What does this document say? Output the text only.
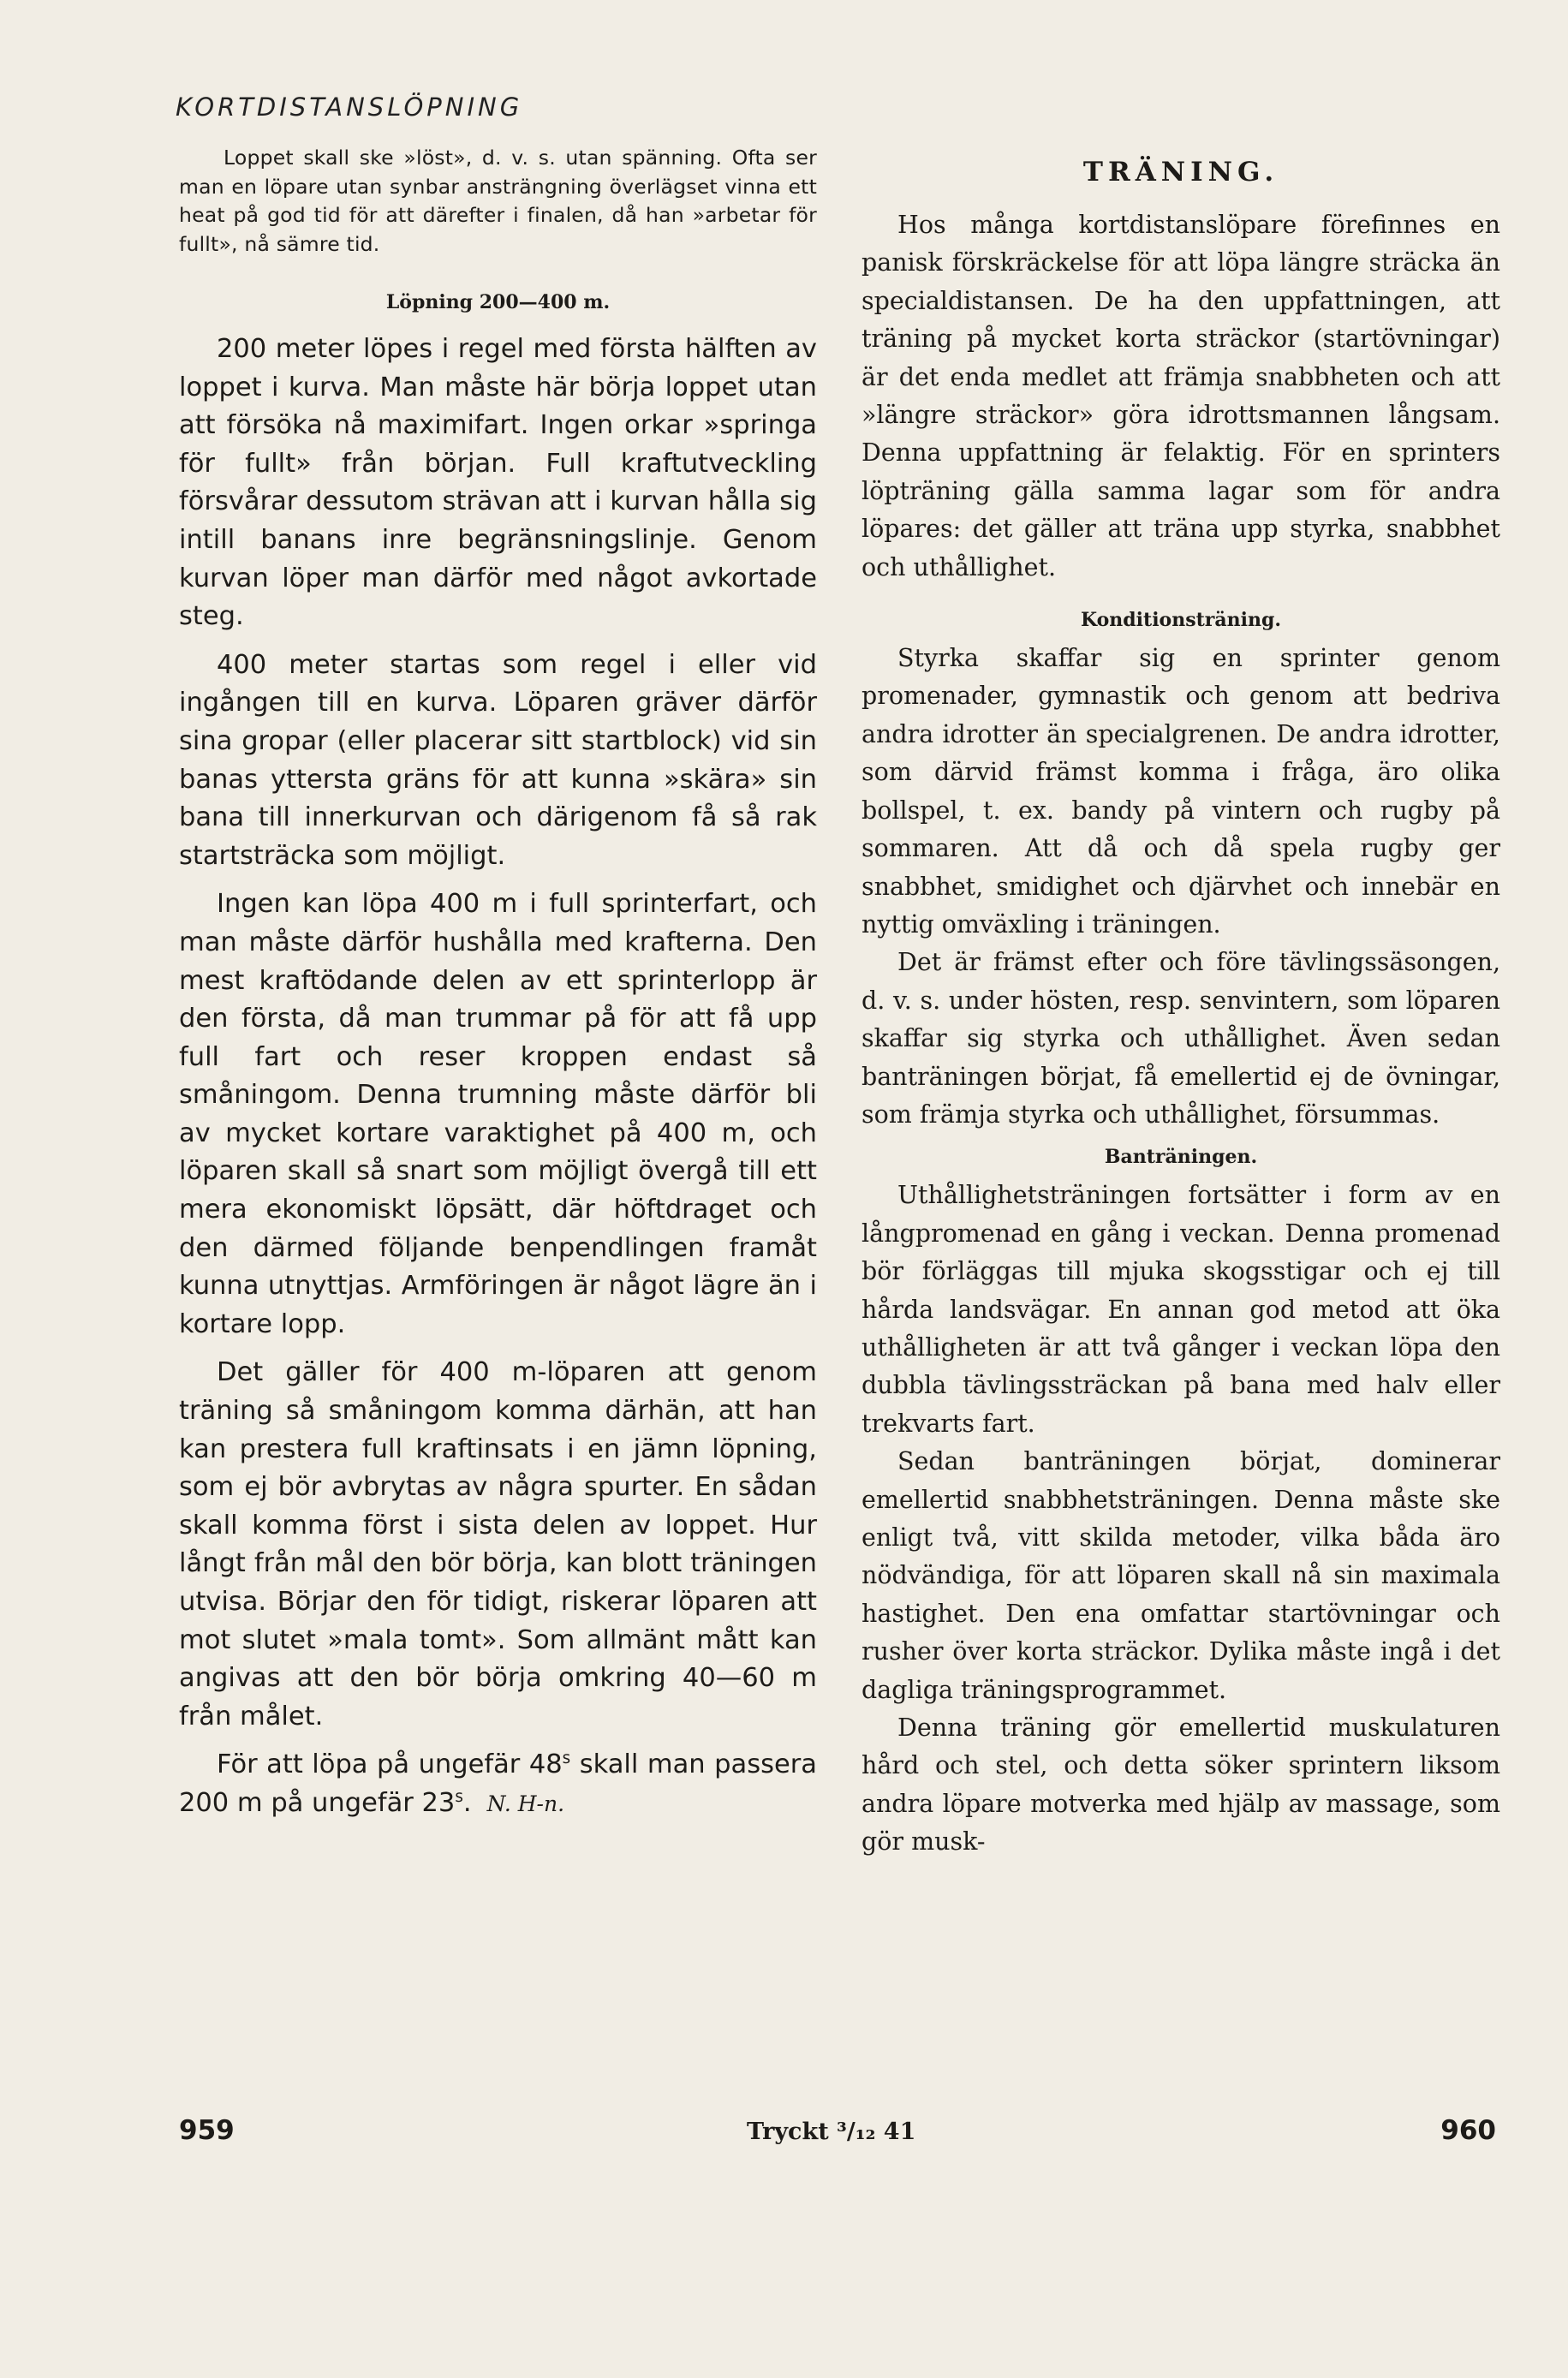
KORTDISTANSLÖPNING

Loppet skall ske »löst», d. v. s. utan spänning. Ofta ser man en löpare utan synbar ansträngning överlägset vinna ett heat på god tid för att därefter i finalen, då han »arbetar för fullt», nå sämre tid.

Löpning 200—400 m.

200 meter löpes i regel med första hälften av loppet i kurva. Man måste här börja loppet utan att försöka nå maximifart. Ingen orkar »springa för fullt» från början. Full kraftutveckling försvårar dessutom strävan att i kurvan hålla sig intill banans inre begränsningslinje. Genom kurvan löper man därför med något avkortade steg.

400 meter startas som regel i eller vid ingången till en kurva. Löparen gräver därför sina gropar (eller placerar sitt startblock) vid sin banas yttersta gräns för att kunna »skära» sin bana till innerkurvan och därigenom få så rak startsträcka som möjligt.

Ingen kan löpa 400 m i full sprinterfart, och man måste därför hushålla med krafterna. Den mest kraftödande delen av ett sprinterlopp är den första, då man trummar på för att få upp full fart och reser kroppen endast så småningom. Denna trumning måste därför bli av mycket kortare varaktighet på 400 m, och löparen skall så snart som möjligt övergå till ett mera ekonomiskt löpsätt, där höftdraget och den därmed följande benpendlingen framåt kunna utnyttjas. Armföringen är något lägre än i kortare lopp.

Det gäller för 400 m-löparen att genom träning så småningom komma därhän, att han kan prestera full kraftinsats i en jämn löpning, som ej bör avbrytas av några spurter. En sådan skall komma först i sista delen av loppet. Hur långt från mål den bör börja, kan blott träningen utvisa. Börjar den för tidigt, riskerar löparen att mot slutet »mala tomt». Som allmänt mått kan angivas att den bör börja omkring 40—60 m från målet.

För att löpa på ungefär 48$^s$ skall man passera 200 m på ungefär 23$^s$. N. H-n.

TRÄNING.

Hos många kortdistanslöpare förefinnes en panisk förskräckelse för att löpa längre sträcka än specialdistansen. De ha den uppfattningen, att träning på mycket korta sträckor (startövningar) är det enda medlet att främja snabbheten och att »längre sträckor» göra idrottsmannen långsam. Denna uppfattning är felaktig. För en sprinters löpträning gälla samma lagar som för andra löpares: det gäller att träna upp styrka, snabbhet och uthållighet.

Konditionsträning.

Styrka skaffar sig en sprinter genom promenader, gymnastik och genom att bedriva andra idrotter än specialgrenen. De andra idrotter, som därvid främst komma i fråga, äro olika bollspel, t. ex. bandy på vintern och rugby på sommaren. Att då och då spela rugby ger snabbhet, smidighet och djärvhet och innebär en nyttig omväxling i träningen.

Det är främst efter och före tävlingssäsongen, d. v. s. under hösten, resp. senvintern, som löparen skaffar sig styrka och uthållighet. Även sedan banträningen börjat, få emellertid ej de övningar, som främja styrka och uthållighet, försummas.

Banträningen.

Uthållighetsträningen fortsätter i form av en långpromenad en gång i veckan. Denna promenad bör förläggas till mjuka skogsstigar och ej till hårda landsvägar. En annan god metod att öka uthålligheten är att två gånger i veckan löpa den dubbla tävlingssträckan på bana med halv eller trekvarts fart.

Sedan banträningen börjat, dominerar emellertid snabbhetsträningen. Denna måste ske enligt två, vitt skilda metoder, vilka båda äro nödvändiga, för att löparen skall nå sin maximala hastighet. Den ena omfattar startövningar och rusher över korta sträckor. Dylika måste ingå i det dagliga träningsprogrammet.

Denna träning gör emellertid muskulaturen hård och stel, och detta söker sprintern liksom andra löpare motverka med hjälp av massage, som gör musk-

959	Tryckt ³/₁₂ 41	960
